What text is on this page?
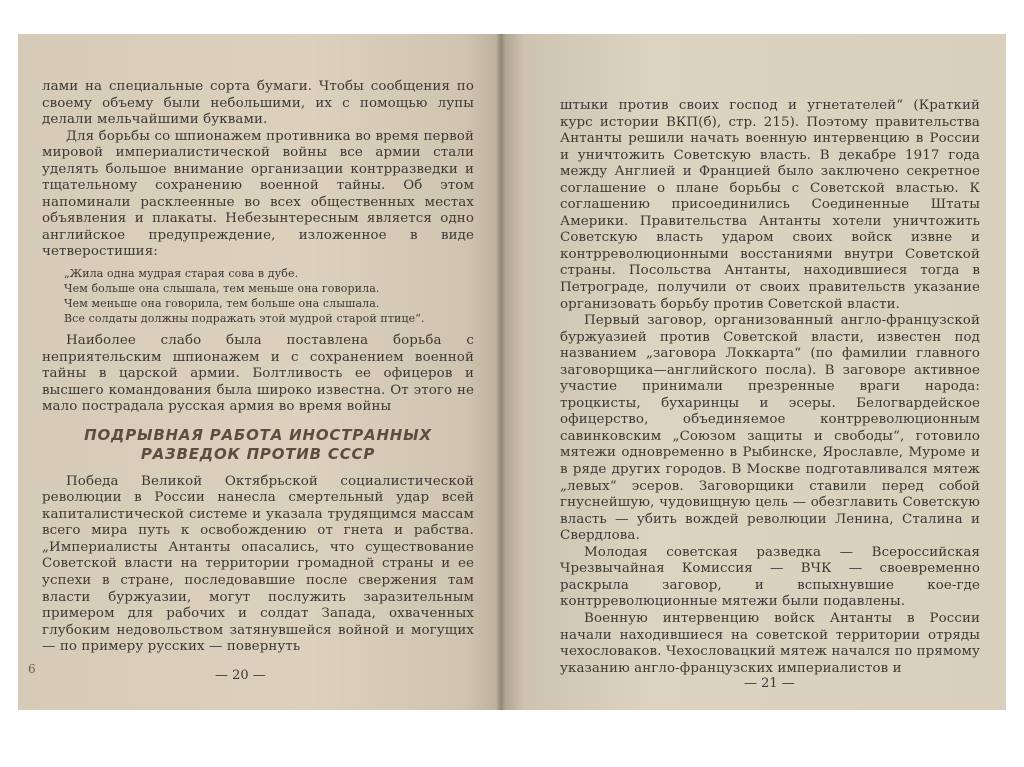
лами на специальные сорта бумаги. Чтобы сообщения по своему объему были небольшими, их с помощью лупы делали мельчайшими буквами.

Для борьбы со шпионажем противника во время первой мировой империалистической войны все армии стали уделять большое внимание организации контрразведки и тщательному сохранению военной тайны. Об этом напоминали расклеенные во всех общественных местах объявления и плакаты. Небезынтересным является одно английское предупреждение, изложенное в виде четверостишия:

„Жила одна мудрая старая сова в дубе.
Чем больше она слышала, тем меньше она говорила.
Чем меньше она говорила, тем больше она слышала.
Все солдаты должны подражать этой мудрой старой птице“.

Наиболее слабо была поставлена борьба с неприятельским шпионажем и с сохранением военной тайны в царской армии. Болтливость ее офицеров и высшего командования была широко известна. От этого не мало пострадала русская армия во время войны

ПОДРЫВНАЯ РАБОТА ИНОСТРАННЫХ РАЗВЕДОК ПРОТИВ СССР

Победа Великой Октябрьской социалистической революции в России нанесла смертельный удар всей капиталистической системе и указала трудящимся массам всего мира путь к освобождению от гнета и рабства. „Империалисты Антанты опасались, что существование Советской власти на территории громадной страны и ее успехи в стране, последовавшие после свержения там власти буржуазии, могут послужить заразительным примером для рабочих и солдат Запада, охваченных глубоким недовольством затянувшейся войной и могущих — по примеру русских — повернуть

6	— 20 —

штыки против своих господ и угнетателей“ (Краткий курс истории ВКП(б), стр. 215). Поэтому правительства Антанты решили начать военную интервенцию в России и уничтожить Советскую власть. В декабре 1917 года между Англией и Францией было заключено секретное соглашение о плане борьбы с Советской властью. К соглашению присоединились Соединенные Штаты Америки. Правительства Антанты хотели уничтожить Советскую власть ударом своих войск извне и контрреволюционными восстаниями внутри Советской страны. Посольства Антанты, находившиеся тогда в Петрограде, получили от своих правительств указание организовать борьбу против Советской власти.

Первый заговор, организованный англо-французской буржуазией против Советской власти, известен под названием „заговора Локкарта“ (по фамилии главного заговорщика—английского посла). В заговоре активное участие принимали презренные враги народа: троцкисты, бухаринцы и эсеры. Белогвардейское офицерство, объединяемое контрреволюционным савинковским „Союзом защиты и свободы“, готовило мятежи одновременно в Рыбинске, Ярославле, Муроме и в ряде других городов. В Москве подготавливался мятеж „левых“ эсеров. Заговорщики ставили перед собой гнуснейшую, чудовищную цель — обезглавить Советскую власть — убить вождей революции Ленина, Сталина и Свердлова.

Молодая советская разведка — Всероссийская Чрезвычайная Комиссия — ВЧК — своевременно раскрыла заговор, и вспыхнувшие кое-где контрреволюционные мятежи были подавлены.

Военную интервенцию войск Антанты в России начали находившиеся на советской территории отряды чехословаков. Чехословацкий мятеж начался по прямому указанию англо-французских империалистов и

— 21 —
